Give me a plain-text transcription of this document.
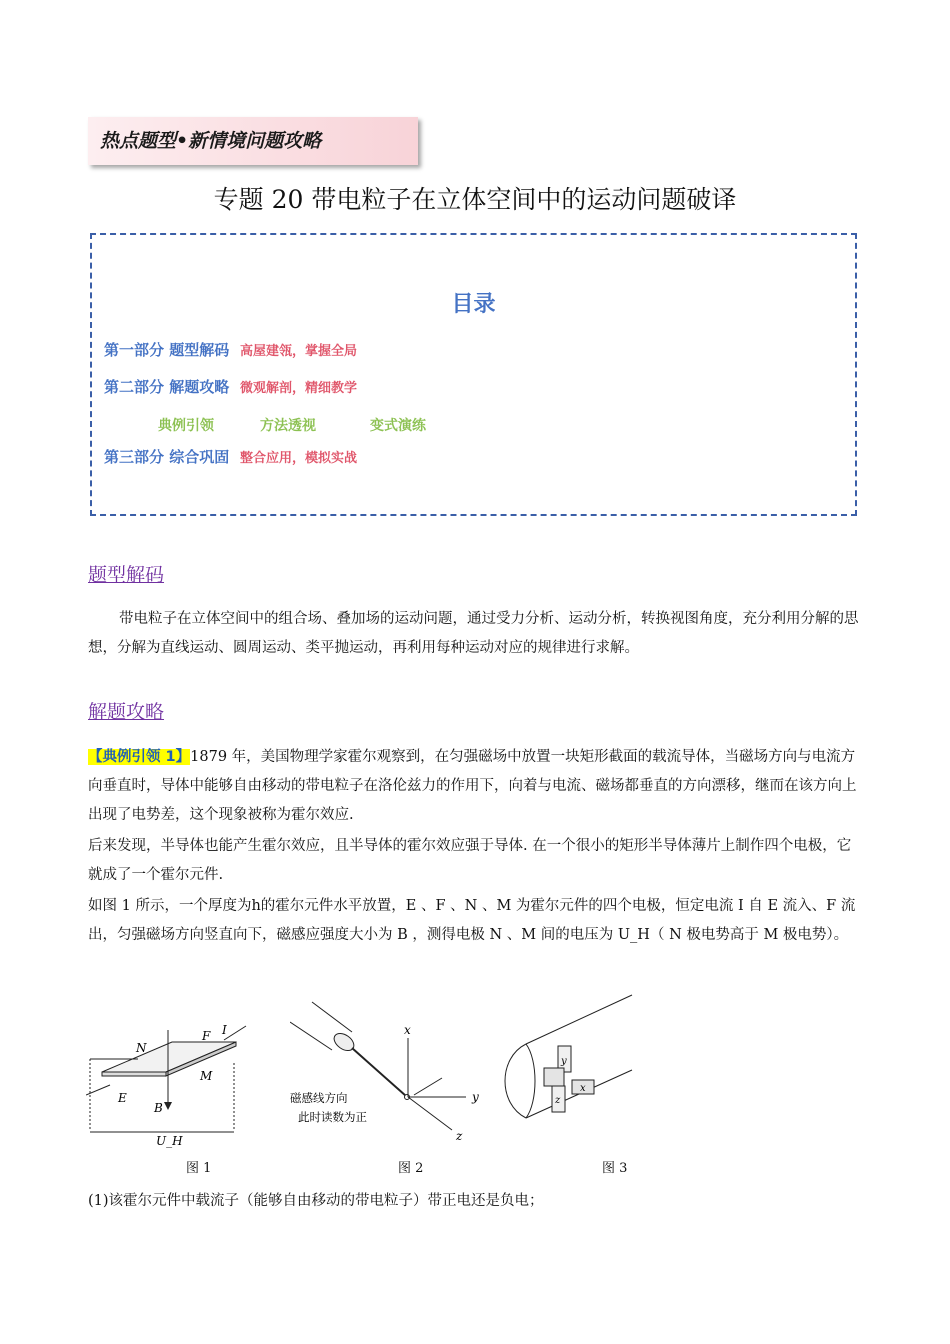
热点题型•新情境问题攻略
专题 20 带电粒子在立体空间中的运动问题破译
目录
第一部分 题型解码 高屋建瓴，掌握全局
第二部分 解题攻略 微观解剖，精细教学
典例引领	方法透视	变式演练
第三部分 综合巩固 整合应用，模拟实战
题型解码
带电粒子在立体空间中的组合场、叠加场的运动问题，通过受力分析、运动分析，转换视图角度，充分利用分解的思想，分解为直线运动、圆周运动、类平抛运动，再利用每种运动对应的规律进行求解。
解题攻略
【典例引领 1】1879 年，美国物理学家霍尔观察到，在匀强磁场中放置一块矩形截面的载流导体，当磁场方向与电流方向垂直时，导体中能够自由移动的带电粒子在洛伦兹力的作用下，向着与电流、磁场都垂直的方向漂移，继而在该方向上出现了电势差，这个现象被称为霍尔效应.
后来发现，半导体也能产生霍尔效应，且半导体的霍尔效应强于导体. 在一个很小的矩形半导体薄片上制作四个电极，它就成了一个霍尔元件.
如图 1 所示，一个厚度为h的霍尔元件水平放置，E 、F 、N 、M 为霍尔元件的四个电极，恒定电流 I 自 E 流入、F 流出，匀强磁场方向竖直向下，磁感应强度大小为 B ，测得电极 N 、M 间的电压为 U_H（ N 极电势高于 M 极电势）。
N
F I
M
E
B
U_H
x
y
z
磁感线方向
此时读数为正
y
z
x
图 1	图 2	图 3
(1)该霍尔元件中载流子（能够自由移动的带电粒子）带正电还是负电；
